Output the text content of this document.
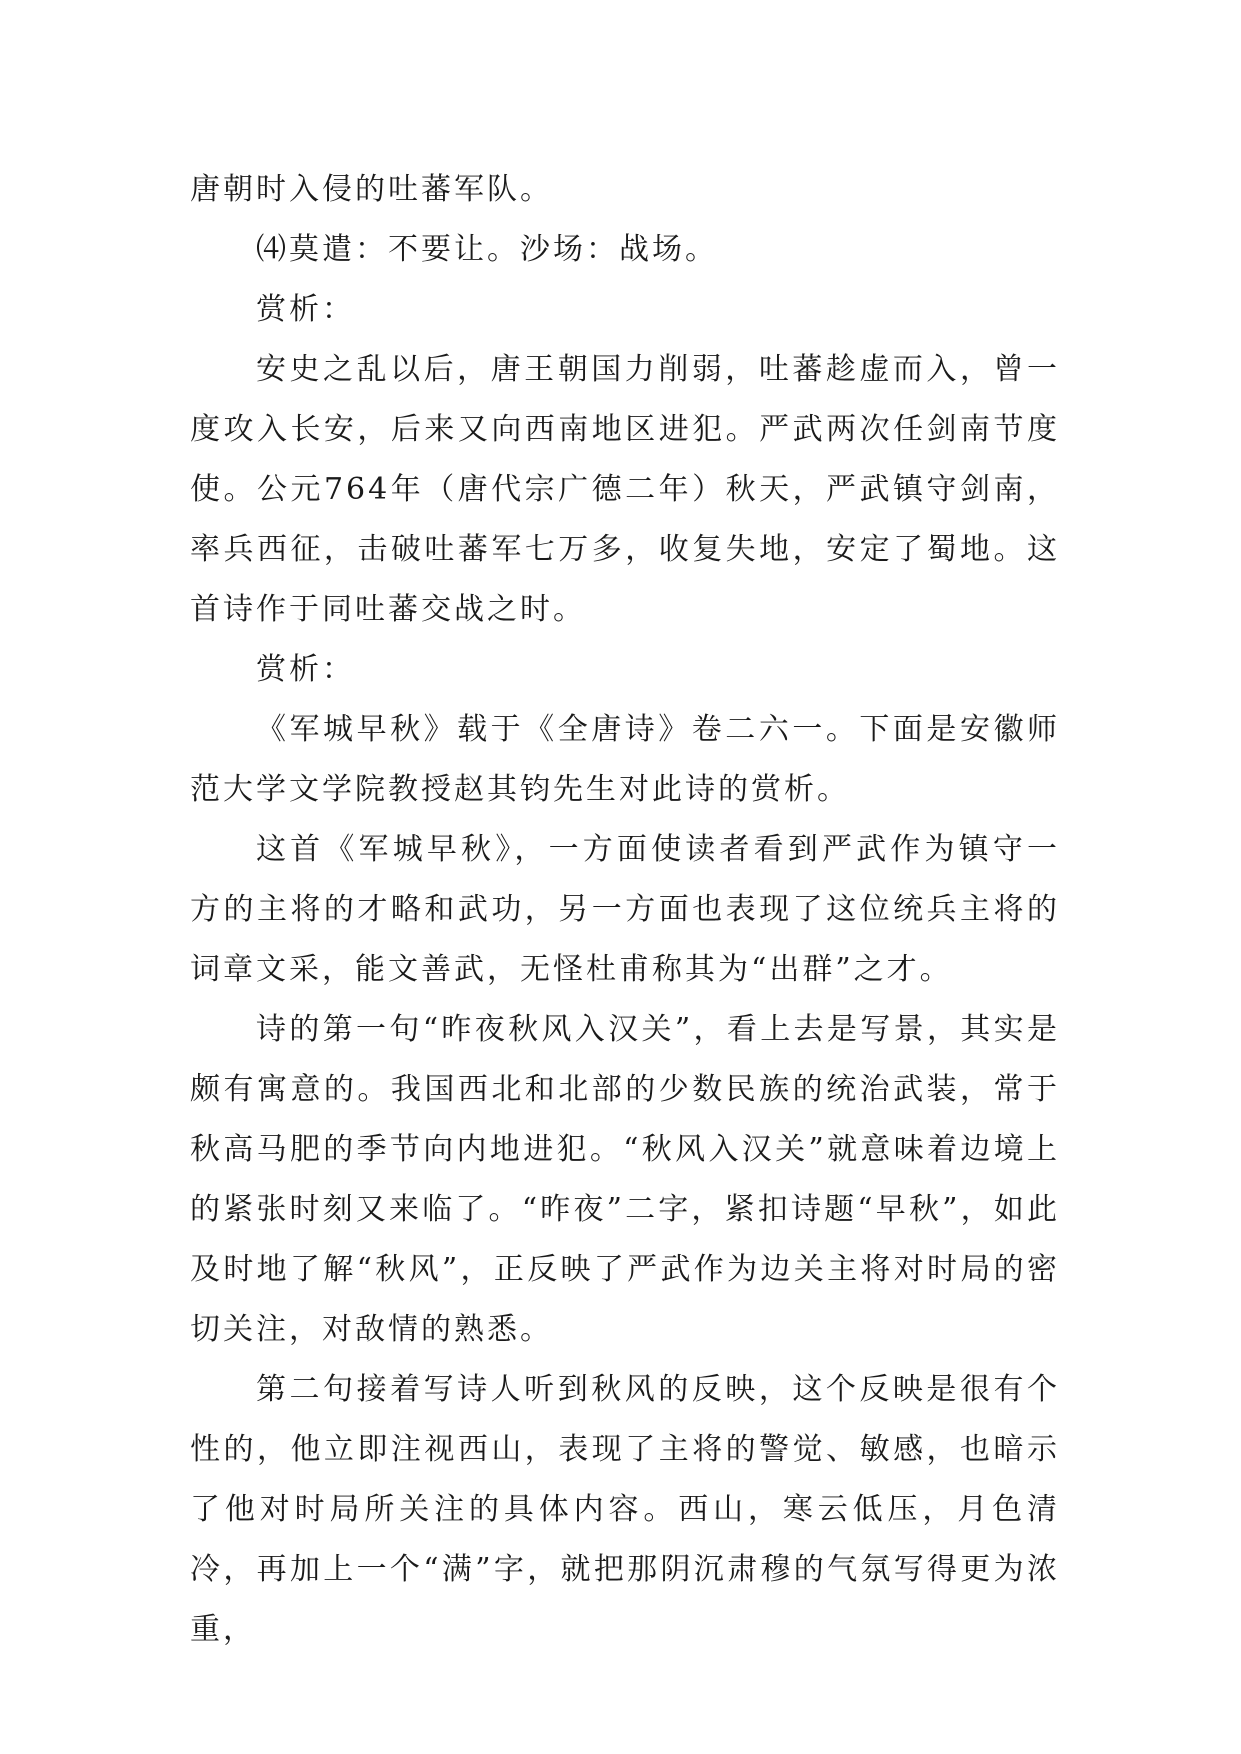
唐朝时入侵的吐蕃军队。

⑷莫遣：不要让。沙场：战场。

赏析：

安史之乱以后，唐王朝国力削弱，吐蕃趁虚而入，曾一度攻入长安，后来又向西南地区进犯。严武两次任剑南节度使。公元764年（唐代宗广德二年）秋天，严武镇守剑南，率兵西征，击破吐蕃军七万多，收复失地，安定了蜀地。这首诗作于同吐蕃交战之时。

赏析：

《军城早秋》载于《全唐诗》卷二六一。下面是安徽师范大学文学院教授赵其钧先生对此诗的赏析。

这首《军城早秋》，一方面使读者看到严武作为镇守一方的主将的才略和武功，另一方面也表现了这位统兵主将的词章文采，能文善武，无怪杜甫称其为“出群”之才。

诗的第一句“昨夜秋风入汉关”，看上去是写景，其实是颇有寓意的。我国西北和北部的少数民族的统治武装，常于秋高马肥的季节向内地进犯。“秋风入汉关”就意味着边境上的紧张时刻又来临了。“昨夜”二字，紧扣诗题“早秋”，如此及时地了解“秋风”，正反映了严武作为边关主将对时局的密切关注，对敌情的熟悉。

第二句接着写诗人听到秋风的反映，这个反映是很有个性的，他立即注视西山，表现了主将的警觉、敏感，也暗示了他对时局所关注的具体内容。西山，寒云低压，月色清冷，再加上一个“满”字，就把那阴沉肃穆的气氛写得更为浓重，
